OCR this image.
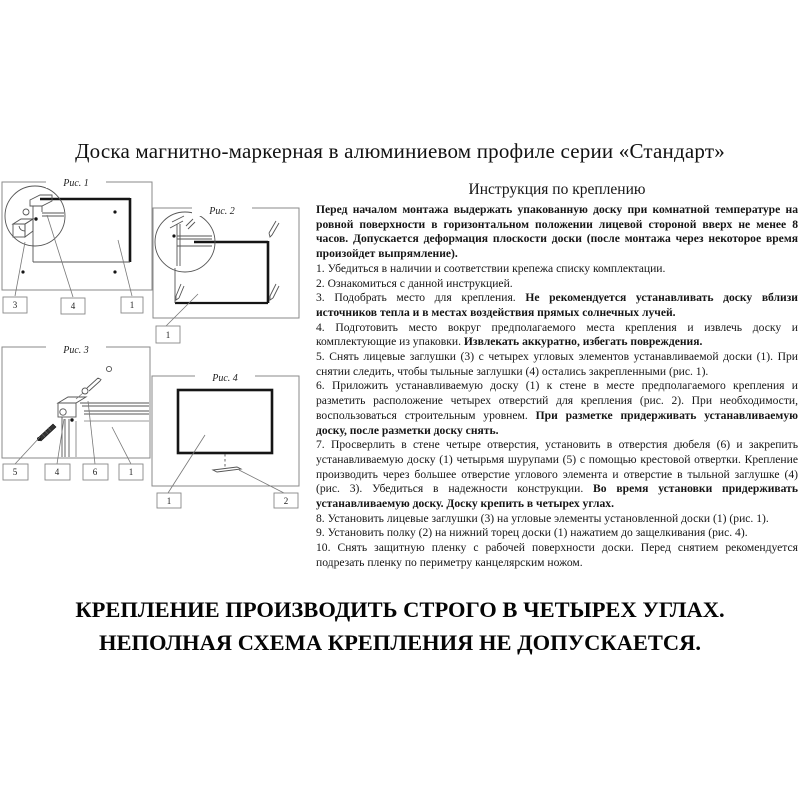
Доска магнитно-маркерная в алюминиевом профиле серии «Стандарт»
Рис. 1
3	4	1
Рис. 2
1
Рис. 3
5	4	6	1
Рис. 4
1	2
Инструкция по креплению
Перед началом монтажа выдержать упакованную доску при комнатной температуре на ровной поверхности в горизонтальном положении лицевой стороной вверх не менее 8 часов. Допускается деформация плоскости доски (после монтажа через некоторое время произойдет выпрямление).
1. Убедиться в наличии и соответствии крепежа списку комплектации.
2. Ознакомиться с данной инструкцией.
3. Подобрать место для крепления. Не рекомендуется устанавливать доску вблизи источников тепла и в местах воздействия прямых солнечных лучей.
4. Подготовить место вокруг предполагаемого места крепления и извлечь доску и комплектующие из упаковки. Извлекать аккуратно, избегать повреждения.
5. Снять лицевые заглушки (3) с четырех угловых элементов устанавливаемой доски (1). При снятии следить, чтобы тыльные заглушки (4) остались закрепленными (рис. 1).
6. Приложить устанавливаемую доску (1) к стене в месте предполагаемого крепления и разметить расположение четырех отверстий для крепления (рис. 2). При необходимости, воспользоваться строительным уровнем. При разметке придерживать устанавливаемую доску, после разметки доску снять.
7. Просверлить в стене четыре отверстия, установить в отверстия дюбеля (6) и закрепить устанавливаемую доску (1) четырьмя шурупами (5) с помощью крестовой отвертки. Крепление производить через большее отверстие углового элемента и отверстие в тыльной заглушке (4) (рис. 3). Убедиться в надежности конструкции. Во время установки придерживать устанавливаемую доску. Доску крепить в четырех углах.
8. Установить лицевые заглушки (3) на угловые элементы установленной доски (1) (рис. 1).
9. Установить полку (2) на нижний торец доски (1) нажатием до защелкивания (рис. 4).
10. Снять защитную пленку с рабочей поверхности доски. Перед снятием рекомендуется подрезать пленку по периметру канцелярским ножом.
КРЕПЛЕНИЕ ПРОИЗВОДИТЬ СТРОГО В ЧЕТЫРЕХ УГЛАХ.
НЕПОЛНАЯ СХЕМА КРЕПЛЕНИЯ НЕ ДОПУСКАЕТСЯ.
